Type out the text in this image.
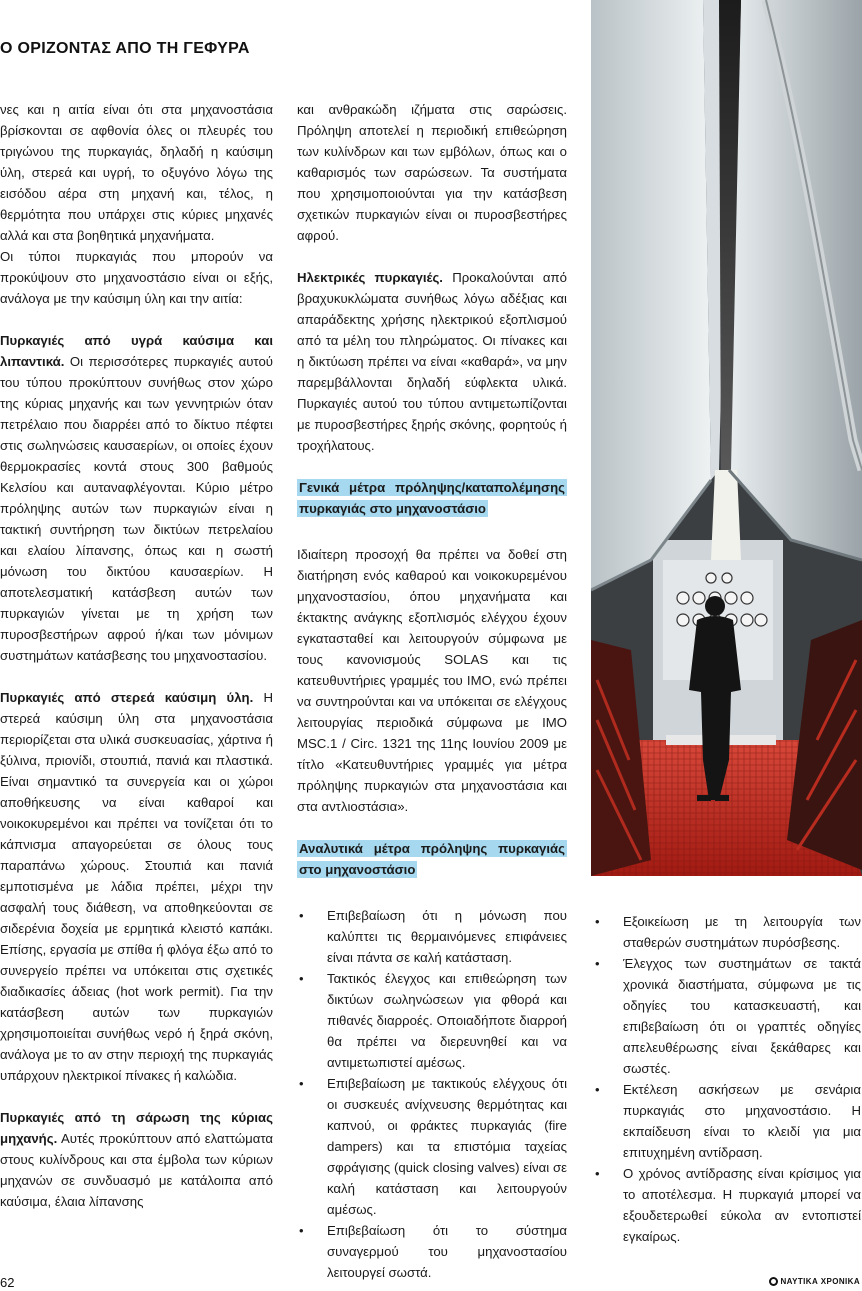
Ο ΟΡΙΖΟΝΤΑΣ ΑΠΟ ΤΗ ΓΕΦΥΡΑ

νες και η αιτία είναι ότι στα μηχανοστάσια βρίσκονται σε αφθονία όλες οι πλευρές του τριγώνου της πυρκαγιάς, δηλαδή η καύσιμη ύλη, στερεά και υγρή, το οξυγόνο λόγω της εισόδου αέρα στη μηχανή και, τέλος, η θερμότητα που υπάρχει στις κύριες μηχανές αλλά και στα βοηθητικά μηχανήματα.

Οι τύποι πυρκαγιάς που μπορούν να προκύψουν στο μηχανοστάσιο είναι οι εξής, ανάλογα με την καύσιμη ύλη και την αιτία:

Πυρκαγιές από υγρά καύσιμα και λιπαντικά. Οι περισσότερες πυρκαγιές αυτού του τύπου προκύπτουν συνήθως στον χώρο της κύριας μηχανής και των γεννητριών όταν πετρέλαιο που διαρρέει από το δίκτυο πέφτει στις σωληνώσεις καυσαερίων, οι οποίες έχουν θερμοκρασίες κοντά στους 300 βαθμούς Κελσίου και αυταναφλέγονται. Κύριο μέτρο πρόληψης αυτών των πυρκαγιών είναι η τακτική συντήρηση των δικτύων πετρελαίου και ελαίου λίπανσης, όπως και η σωστή μόνωση του δικτύου καυσαερίων. Η αποτελεσματική κατάσβεση αυτών των πυρκαγιών γίνεται με τη χρήση των πυροσβεστήρων αφρού ή/και των μόνιμων συστημάτων κατάσβεσης του μηχανοστασίου.

Πυρκαγιές από στερεά καύσιμη ύλη. Η στερεά καύσιμη ύλη στα μηχανοστάσια περιορίζεται στα υλικά συσκευασίας, χάρτινα ή ξύλινα, πριονίδι, στουπιά, πανιά και πλαστικά. Είναι σημαντικό τα συνεργεία και οι χώροι αποθήκευσης να είναι καθαροί και νοικοκυρεμένοι και πρέπει να τονίζεται ότι το κάπνισμα απαγορεύεται σε όλους τους παραπάνω χώρους. Στουπιά και πανιά εμποτισμένα με λάδια πρέπει, μέχρι την ασφαλή τους διάθεση, να αποθηκεύονται σε σιδερένια δοχεία με ερμητικά κλειστό καπάκι. Επίσης, εργασία με σπίθα ή φλόγα έξω από το συνεργείο πρέπει να υπόκειται στις σχετικές διαδικασίες άδειας (hot work permit). Για την κατάσβεση αυτών των πυρκαγιών χρησιμοποιείται συνήθως νερό ή ξηρά σκόνη, ανάλογα με το αν στην περιοχή της πυρκαγιάς υπάρχουν ηλεκτρικοί πίνακες ή καλώδια.

Πυρκαγιές από τη σάρωση της κύριας μηχανής. Αυτές προκύπτουν από ελαττώματα στους κυλίνδρους και στα έμβολα των κύριων μηχανών σε συνδυασμό με κατάλοιπα από καύσιμα, έλαια λίπανσης

και ανθρακώδη ιζήματα στις σαρώσεις. Πρόληψη αποτελεί η περιοδική επιθεώρηση των κυλίνδρων και των εμβόλων, όπως και ο καθαρισμός των σαρώσεων. Τα συστήματα που χρησιμοποιούνται για την κατάσβεση σχετικών πυρκαγιών είναι οι πυροσβεστήρες αφρού.

Ηλεκτρικές πυρκαγιές. Προκαλούνται από βραχυκυκλώματα συνήθως λόγω αδέξιας και απαράδεκτης χρήσης ηλεκτρικού εξοπλισμού από τα μέλη του πληρώματος. Οι πίνακες και η δικτύωση πρέπει να είναι «καθαρά», να μην παρεμβάλλονται δηλαδή εύφλεκτα υλικά. Πυρκαγιές αυτού του τύπου αντιμετωπίζονται με πυροσβεστήρες ξηρής σκόνης, φορητούς ή τροχήλατους.

Γενικά μέτρα πρόληψης/καταπολέμησης πυρκαγιάς στο μηχανοστάσιο

Ιδιαίτερη προσοχή θα πρέπει να δοθεί στη διατήρηση ενός καθαρού και νοικοκυρεμένου μηχανοστασίου, όπου μηχανήματα και έκτακτης ανάγκης εξοπλισμός ελέγχου έχουν εγκατασταθεί και λειτουργούν σύμφωνα με τους κανονισμούς SOLAS και τις κατευθυντήριες γραμμές του IMO, ενώ πρέπει να συντηρούνται και να υπόκειται σε ελέγχους λειτουργίας περιοδικά σύμφωνα με IMO MSC.1 / Circ. 1321 της 11ης Ιουνίου 2009 με τίτλο «Κατευθυντήριες γραμμές για μέτρα πρόληψης πυρκαγιών στα μηχανοστάσια και στα αντλιοστάσια».

Αναλυτικά μέτρα πρόληψης πυρκαγιάς στο μηχανοστάσιο

• Επιβεβαίωση ότι η μόνωση που καλύπτει τις θερμαινόμενες επιφάνειες είναι πάντα σε καλή κατάσταση.
• Τακτικός έλεγχος και επιθεώρηση των δικτύων σωληνώσεων για φθορά και πιθανές διαρροές. Οποιαδήποτε διαρροή θα πρέπει να διερευνηθεί και να αντιμετωπιστεί αμέσως.
• Επιβεβαίωση με τακτικούς ελέγχους ότι οι συσκευές ανίχνευσης θερμότητας και καπνού, οι φράκτες πυρκαγιάς (fire dampers) και τα επιστόμια ταχείας σφράγισης (quick closing valves) είναι σε καλή κατάσταση και λειτουργούν αμέσως.
• Επιβεβαίωση ότι το σύστημα συναγερμού του μηχανοστασίου λειτουργεί σωστά.
• Εξοικείωση με τη λειτουργία των σταθερών συστημάτων πυρόσβεσης.
• Έλεγχος των συστημάτων σε τακτά χρονικά διαστήματα, σύμφωνα με τις οδηγίες του κατασκευαστή, και επιβεβαίωση ότι οι γραπτές οδηγίες απελευθέρωσης είναι ξεκάθαρες και σωστές.
• Εκτέλεση ασκήσεων με σενάρια πυρκαγιάς στο μηχανοστάσιο. Η εκπαίδευση είναι το κλειδί για μια επιτυχημένη αντίδραση.
• Ο χρόνος αντίδρασης είναι κρίσιμος για το αποτέλεσμα. Η πυρκαγιά μπορεί να εξουδετερωθεί εύκολα αν εντοπιστεί εγκαίρως.
62	ΝΑΥΤΙΚΑ ΧΡΟΝΙΚΑ
